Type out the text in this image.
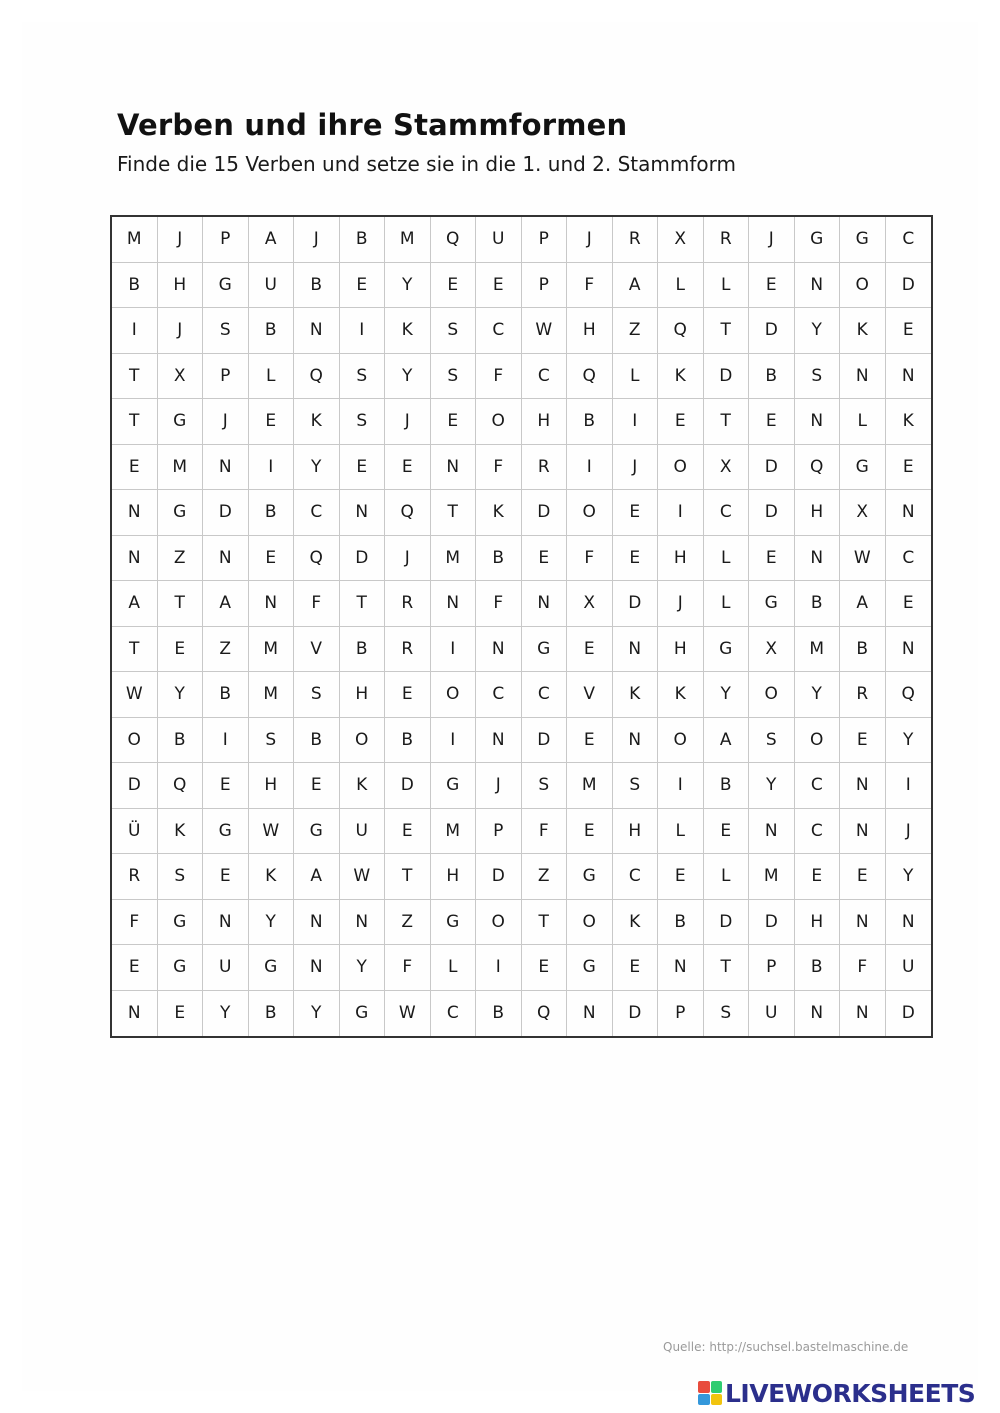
Verben und ihre Stammformen

Finde die 15 Verben und setze sie in die 1. und 2. Stammform

M	J	P	A	J	B	M	Q	U	P	J	R	X	R	J	G	G	C
B	H	G	U	B	E	Y	E	E	P	F	A	L	L	E	N	O	D
I	J	S	B	N	I	K	S	C	W	H	Z	Q	T	D	Y	K	E
T	X	P	L	Q	S	Y	S	F	C	Q	L	K	D	B	S	N	N
T	G	J	E	K	S	J	E	O	H	B	I	E	T	E	N	L	K
E	M	N	I	Y	E	E	N	F	R	I	J	O	X	D	Q	G	E
N	G	D	B	C	N	Q	T	K	D	O	E	I	C	D	H	X	N
N	Z	N	E	Q	D	J	M	B	E	F	E	H	L	E	N	W	C
A	T	A	N	F	T	R	N	F	N	X	D	J	L	G	B	A	E
T	E	Z	M	V	B	R	I	N	G	E	N	H	G	X	M	B	N
W	Y	B	M	S	H	E	O	C	C	V	K	K	Y	O	Y	R	Q
O	B	I	S	B	O	B	I	N	D	E	N	O	A	S	O	E	Y
D	Q	E	H	E	K	D	G	J	S	M	S	I	B	Y	C	N	I
Ü	K	G	W	G	U	E	M	P	F	E	H	L	E	N	C	N	J
R	S	E	K	A	W	T	H	D	Z	G	C	E	L	M	E	E	Y
F	G	N	Y	N	N	Z	G	O	T	O	K	B	D	D	H	N	N
E	G	U	G	N	Y	F	L	I	E	G	E	N	T	P	B	F	U
N	E	Y	B	Y	G	W	C	B	Q	N	D	P	S	U	N	N	D
Quelle: http://suchsel.bastelmaschine.de
LIVEWORKSHEETS
